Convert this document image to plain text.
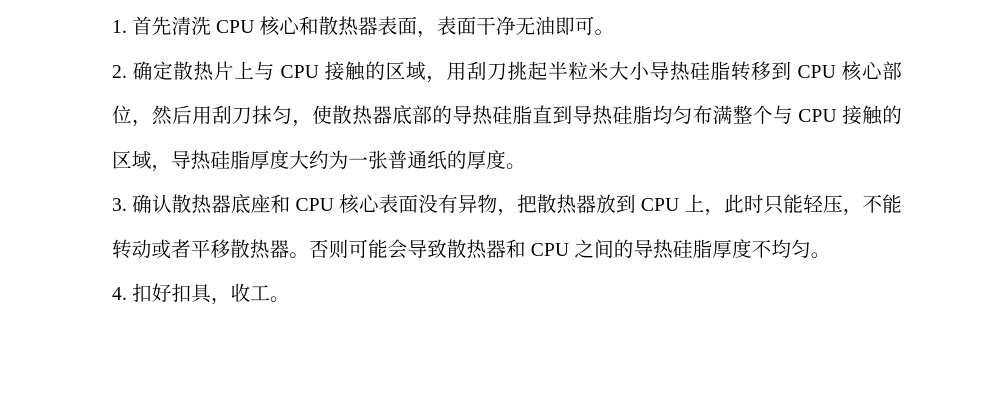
1. 首先清洗 CPU 核心和散热器表面，表面干净无油即可。

2. 确定散热片上与 CPU 接触的区域，用刮刀挑起半粒米大小导热硅脂转移到 CPU 核心部位，然后用刮刀抹匀，使散热器底部的导热硅脂直到导热硅脂均匀布满整个与 CPU 接触的区域，导热硅脂厚度大约为一张普通纸的厚度。

3. 确认散热器底座和 CPU 核心表面没有异物，把散热器放到 CPU 上，此时只能轻压，不能转动或者平移散热器。否则可能会导致散热器和 CPU 之间的导热硅脂厚度不均匀。

4. 扣好扣具，收工。
